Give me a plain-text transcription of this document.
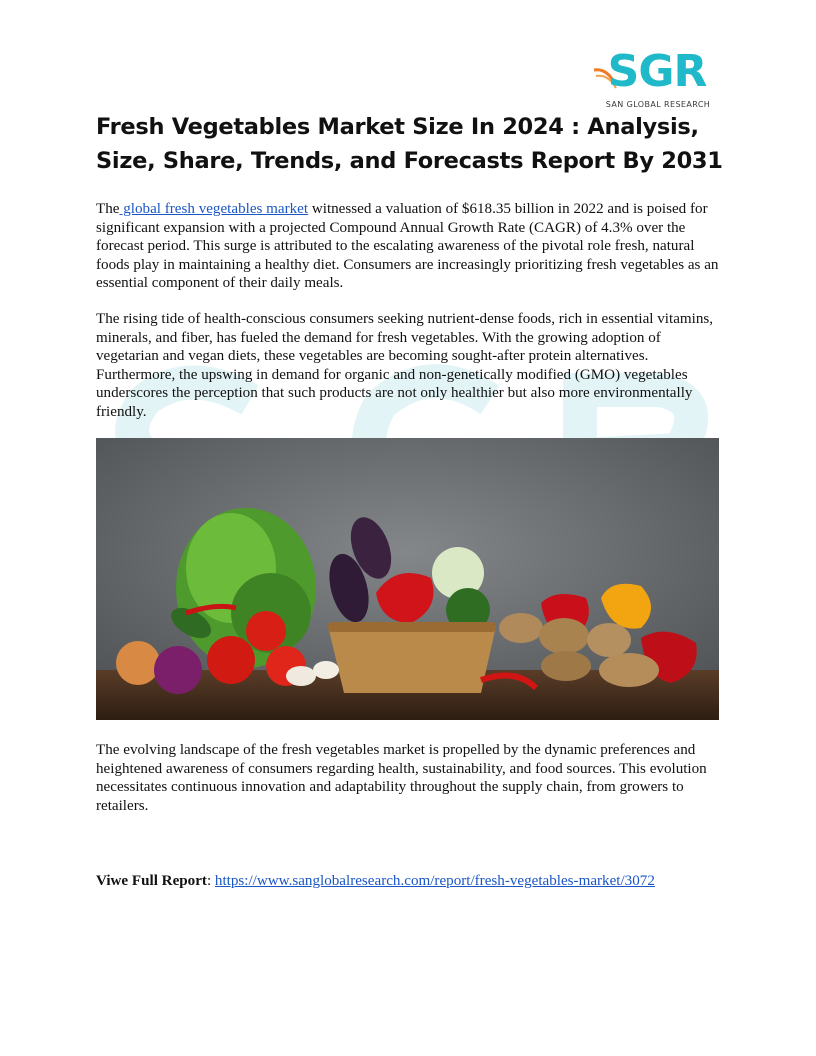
SGR
SAN GLOBAL RESEARCH
Fresh Vegetables Market Size In 2024 : Analysis, Size, Share, Trends, and Forecasts Report By 2031

The global fresh vegetables market witnessed a valuation of $618.35 billion in 2022 and is poised for significant expansion with a projected Compound Annual Growth Rate (CAGR) of 4.3% over the forecast period. This surge is attributed to the escalating awareness of the pivotal role fresh, natural foods play in maintaining a healthy diet. Consumers are increasingly prioritizing fresh vegetables as an essential component of their daily meals.

The rising tide of health-conscious consumers seeking nutrient-dense foods, rich in essential vitamins, minerals, and fiber, has fueled the demand for fresh vegetables. With the growing adoption of vegetarian and vegan diets, these vegetables are becoming sought-after protein alternatives. Furthermore, the upswing in demand for organic and non-genetically modified (GMO) vegetables underscores the perception that such products are not only healthier but also more environmentally friendly.

The evolving landscape of the fresh vegetables market is propelled by the dynamic preferences and heightened awareness of consumers regarding health, sustainability, and food sources. This evolution necessitates continuous innovation and adaptability throughout the supply chain, from growers to retailers.

Viwe Full Report: https://www.sanglobalresearch.com/report/fresh-vegetables-market/3072
